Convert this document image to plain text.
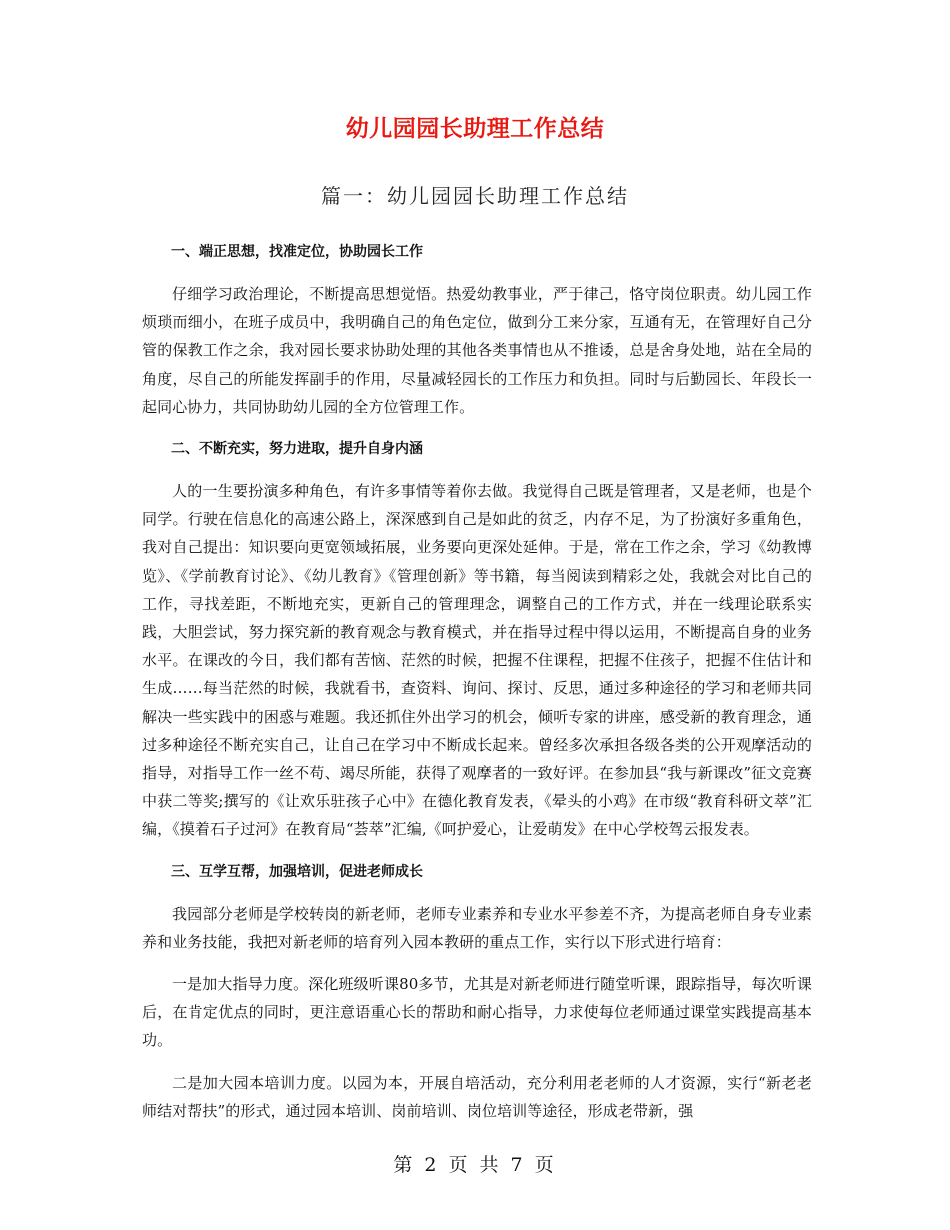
幼儿园园长助理工作总结
篇一：幼儿园园长助理工作总结
一、端正思想，找准定位，协助园长工作
仔细学习政治理论，不断提高思想觉悟。热爱幼教事业，严于律己，恪守岗位职责。幼儿园工作烦琐而细小，在班子成员中，我明确自己的角色定位，做到分工来分家，互通有无，在管理好自己分管的保教工作之余，我对园长要求协助处理的其他各类事情也从不推诿，总是舍身处地，站在全局的角度，尽自己的所能发挥副手的作用，尽量减轻园长的工作压力和负担。同时与后勤园长、年段长一起同心协力，共同协助幼儿园的全方位管理工作。
二、不断充实，努力进取，提升自身内涵
人的一生要扮演多种角色，有许多事情等着你去做。我觉得自己既是管理者，又是老师，也是个同学。行驶在信息化的高速公路上，深深感到自己是如此的贫乏，内存不足，为了扮演好多重角色，我对自己提出：知识要向更宽领域拓展，业务要向更深处延伸。于是，常在工作之余，学习《幼教博览》、《学前教育讨论》、《幼儿教育》《管理创新》等书籍，每当阅读到精彩之处，我就会对比自己的工作，寻找差距，不断地充实，更新自己的管理理念，调整自己的工作方式，并在一线理论联系实践，大胆尝试，努力探究新的教育观念与教育模式，并在指导过程中得以运用，不断提高自身的业务水平。在课改的今日，我们都有苦恼、茫然的时候，把握不住课程，把握不住孩子，把握不住估计和生成……每当茫然的时候，我就看书，查资料、询问、探讨、反思，通过多种途径的学习和老师共同解决一些实践中的困惑与难题。我还抓住外出学习的机会，倾听专家的讲座，感受新的教育理念，通过多种途径不断充实自己，让自己在学习中不断成长起来。曾经多次承担各级各类的公开观摩活动的指导，对指导工作一丝不苟、竭尽所能，获得了观摩者的一致好评。在参加县“我与新课改”征文竞赛中获二等奖;撰写的《让欢乐驻孩子心中》在德化教育发表，《晕头的小鸡》在市级“教育科研文萃”汇编，《摸着石子过河》在教育局“荟萃”汇编,《呵护爱心，让爱萌发》在中心学校驾云报发表。
三、互学互帮，加强培训，促进老师成长
我园部分老师是学校转岗的新老师，老师专业素养和专业水平参差不齐，为提高老师自身专业素养和业务技能，我把对新老师的培育列入园本教研的重点工作，实行以下形式进行培育：
一是加大指导力度。深化班级听课80多节，尤其是对新老师进行随堂听课，跟踪指导，每次听课后，在肯定优点的同时，更注意语重心长的帮助和耐心指导，力求使每位老师通过课堂实践提高基本功。
二是加大园本培训力度。以园为本，开展自培活动，充分利用老老师的人才资源，实行“新老老师结对帮扶”的形式，通过园本培训、岗前培训、岗位培训等途径，形成老带新，强
第 2 页 共 7 页
